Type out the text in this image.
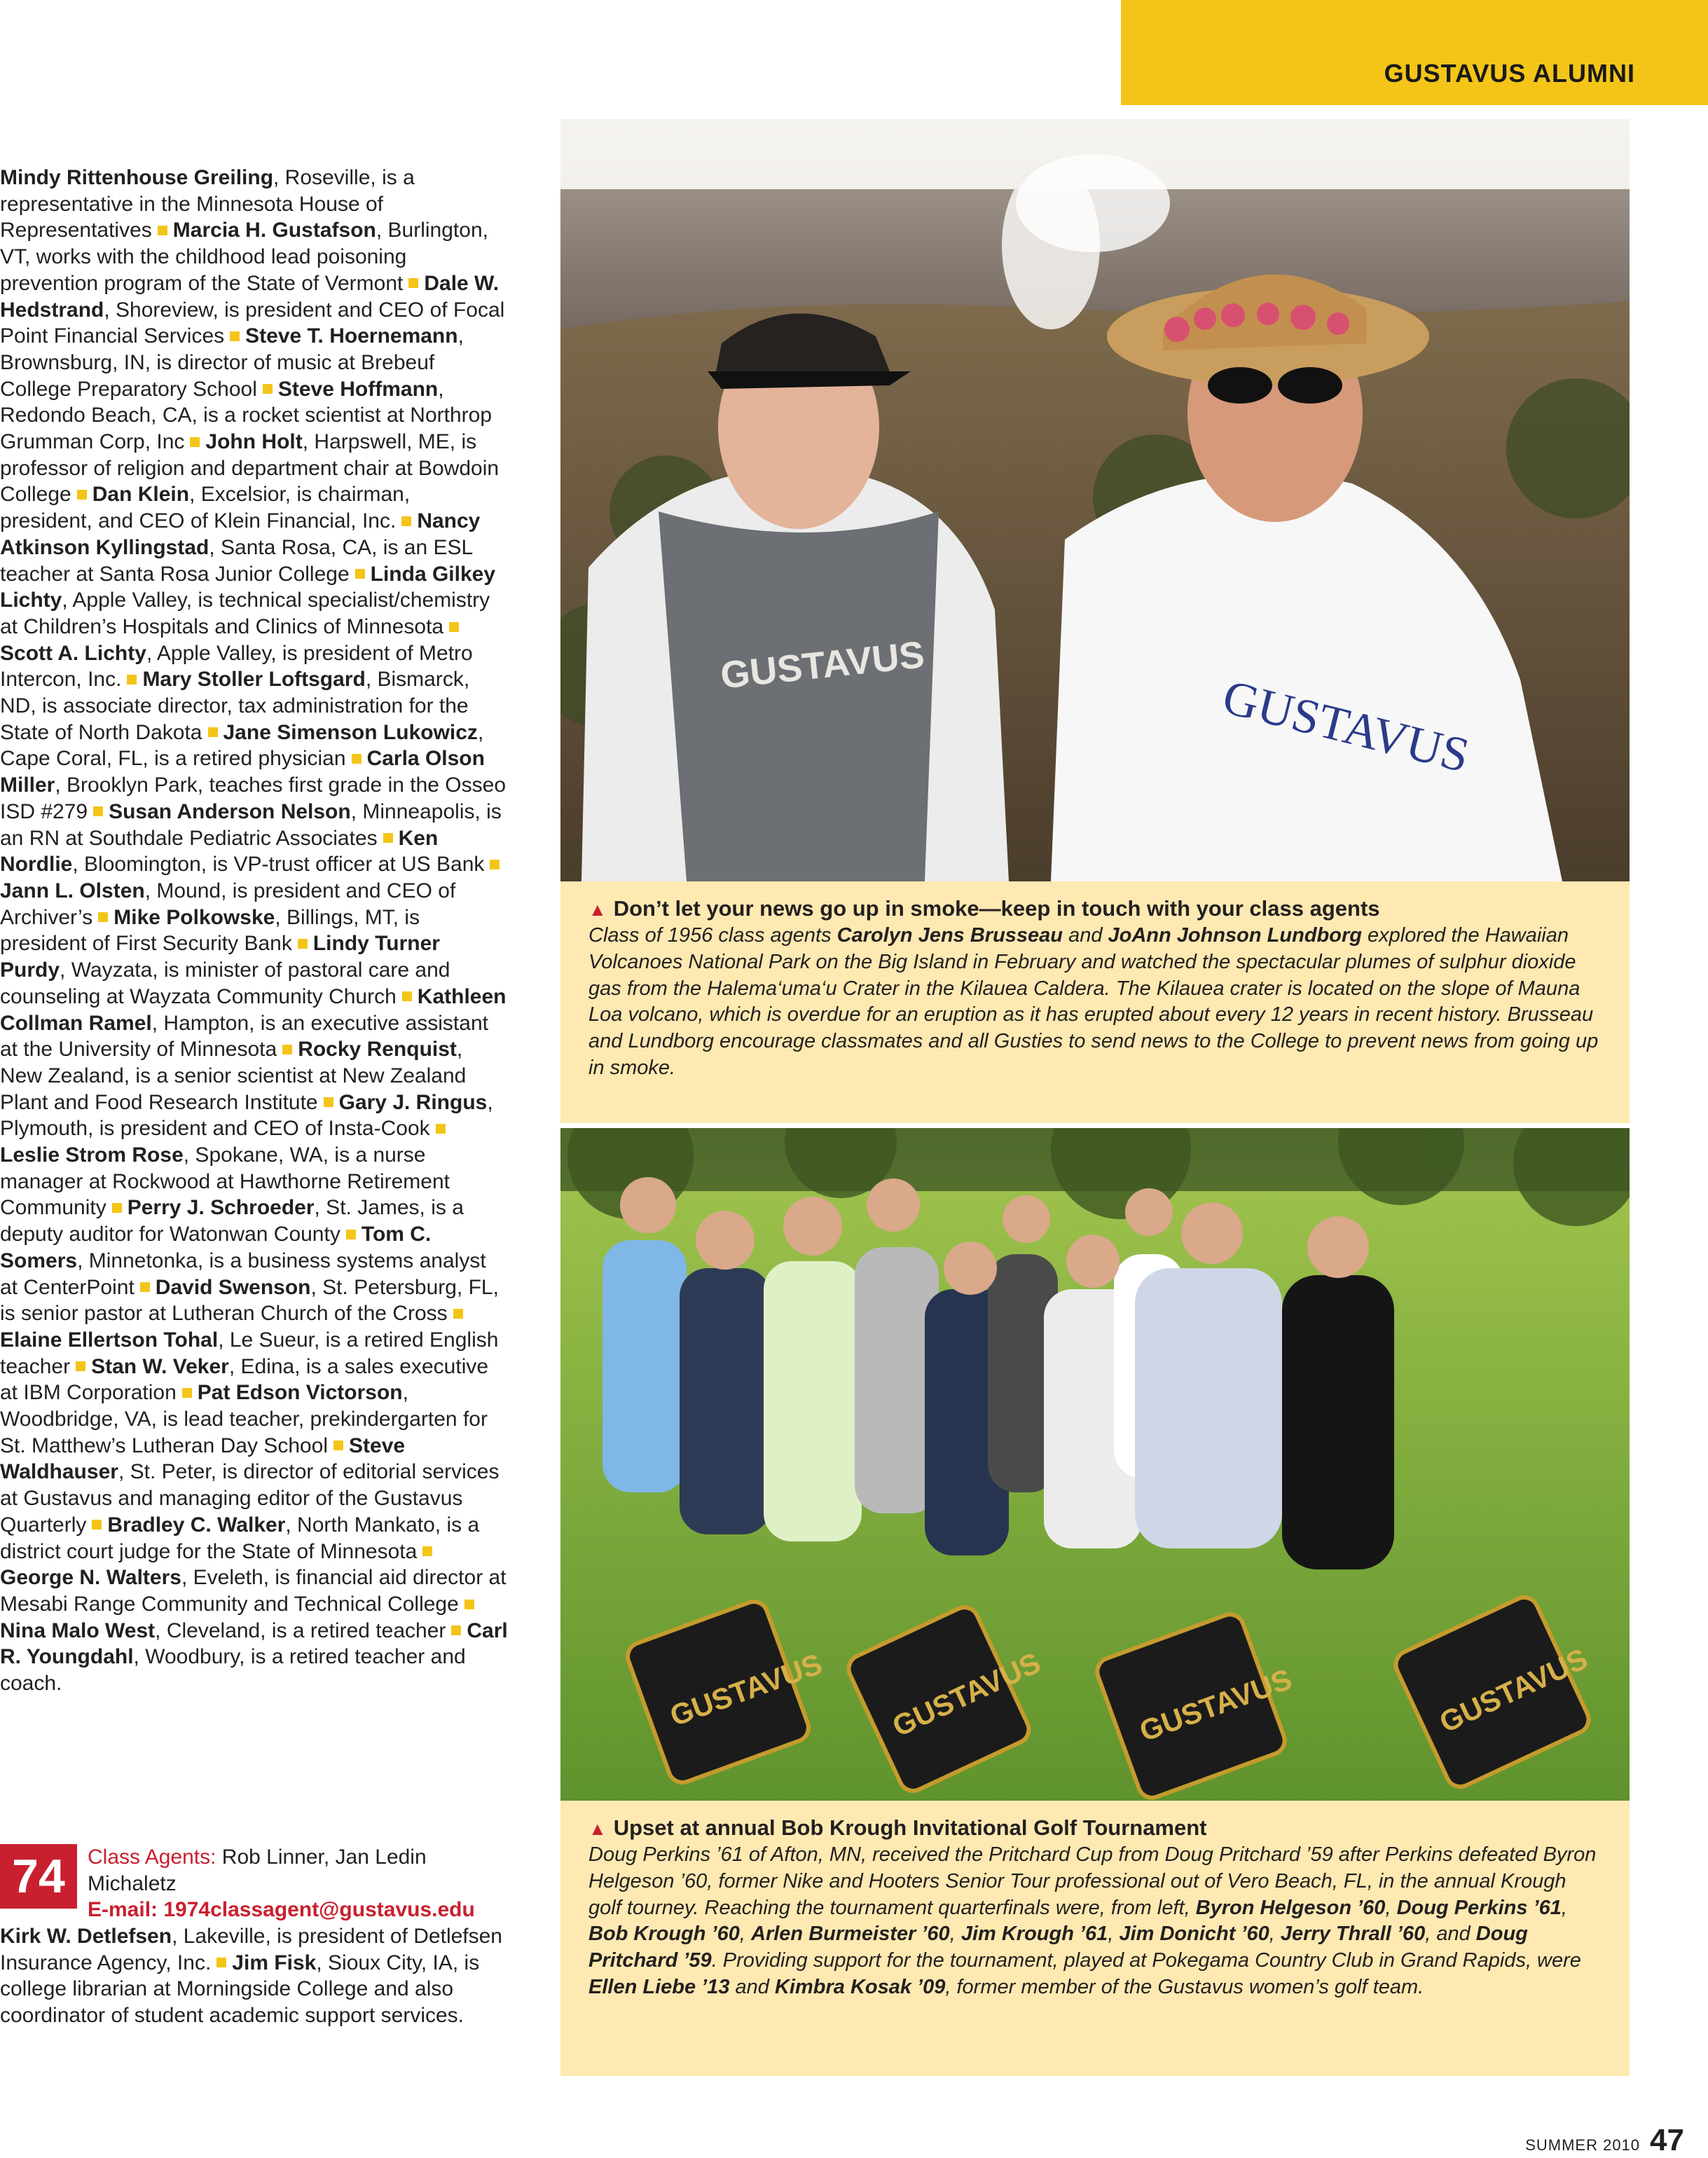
GUSTAVUS ALUMNI
Mindy Rittenhouse Greiling, Roseville, is a representative in the Minnesota House of Representatives Marcia H. Gustafson, Burlington, VT, works with the childhood lead poisoning prevention program of the State of Vermont Dale W. Hedstrand, Shoreview, is president and CEO of Focal Point Financial Services Steve T. Hoernemann, Brownsburg, IN, is director of music at Brebeuf College Preparatory School Steve Hoffmann, Redondo Beach, CA, is a rocket scientist at Northrop Grumman Corp, Inc John Holt, Harpswell, ME, is professor of religion and department chair at Bowdoin College Dan Klein, Excelsior, is chairman, president, and CEO of Klein Financial, Inc. Nancy Atkinson Kyllingstad, Santa Rosa, CA, is an ESL teacher at Santa Rosa Junior College Linda Gilkey Lichty, Apple Valley, is technical specialist/chemistry at Children’s Hospitals and Clinics of MinnesotaScott A. Lichty, Apple Valley, is president of Metro Intercon, Inc. Mary Stoller Loftsgard, Bismarck, ND, is associate director, tax administration for the State of North Dakota Jane Simenson Lukowicz, Cape Coral, FL, is a retired physician Carla Olson Miller, Brooklyn Park, teaches first grade in the Osseo ISD #279 Susan Anderson Nelson, Minneapolis, is an RN at Southdale Pediatric Associates Ken Nordlie, Bloomington, is VP-trust officer at US BankJann L. Olsten, Mound, is president and CEO of Archiver’s Mike Polkowske, Billings, MT, is president of First Security Bank Lindy Turner Purdy, Wayzata, is minister of pastoral care and counseling at Wayzata Community Church Kathleen Collman Ramel, Hampton, is an executive assistant at the University of Minnesota Rocky Renquist, New Zealand, is a senior scientist at New Zealand Plant and Food Research Institute Gary J. Ringus, Plymouth, is president and CEO of Insta-CookLeslie Strom Rose, Spokane, WA, is a nurse manager at Rockwood at Hawthorne Retirement Community Perry J. Schroeder, St. James, is a deputy auditor for Watonwan County Tom C. Somers, Minnetonka, is a business systems analyst at CenterPoint David Swenson, St. Petersburg, FL, is senior pastor at Lutheran Church of the CrossElaine Ellertson Tohal, Le Sueur, is a retired English teacher Stan W. Veker, Edina, is a sales executive at IBM Corporation Pat Edson Victorson, Woodbridge, VA, is lead teacher, prekindergarten for St. Matthew’s Lutheran Day School Steve Waldhauser, St. Peter, is director of editorial services at Gustavus and managing editor of the Gustavus Quarterly Bradley C. Walker, North Mankato, is a district court judge for the State of MinnesotaGeorge N. Walters, Eveleth, is financial aid director at Mesabi Range Community and Technical CollegeNina Malo West, Cleveland, is a retired teacher Carl R. Youngdahl, Woodbury, is a retired teacher and coach.
74	Class Agents: Rob Linner, Jan Ledin Michaletz
E-mail: 1974classagent@gustavus.edu
Kirk W. Detlefsen, Lakeville, is president of Detlefsen Insurance Agency, Inc. Jim Fisk, Sioux City, IA, is college librarian at Morningside College and also coordinator of student academic support services.
GUSTAVUS
GUSTAVUS
▲ Don’t let your news go up in smoke—keep in touch with your class agents
Class of 1956 class agents Carolyn Jens Brusseau and JoAnn Johnson Lundborg explored the Hawaiian Volcanoes National Park on the Big Island in February and watched the spectacular plumes of sulphur dioxide gas from the Halema‘uma‘u Crater in the Kilauea Caldera. The Kilauea crater is located on the slope of Mauna Loa volcano, which is overdue for an eruption as it has erupted about every 12 years in recent history. Brusseau and Lundborg encourage classmates and all Gusties to send news to the College to prevent news from going up in smoke.
GUSTAVUS GUSTAVUS	GUSTAVUS	GUSTAVUS
▲ Upset at annual Bob Krough Invitational Golf Tournament
Doug Perkins ’61 of Afton, MN, received the Pritchard Cup from Doug Pritchard ’59 after Perkins defeated Byron Helgeson ’60, former Nike and Hooters Senior Tour professional out of Vero Beach, FL, in the annual Krough golf tourney. Reaching the tournament quarterfinals were, from left, Byron Helgeson ’60, Doug Perkins ’61, Bob Krough ’60, Arlen Burmeister ’60, Jim Krough ’61, Jim Donicht ’60, Jerry Thrall ’60, and Doug Pritchard ’59. Providing support for the tournament, played at Pokegama Country Club in Grand Rapids, were Ellen Liebe ’13 and Kimbra Kosak ’09, former member of the Gustavus women’s golf team.
SUMMER 2010 47
